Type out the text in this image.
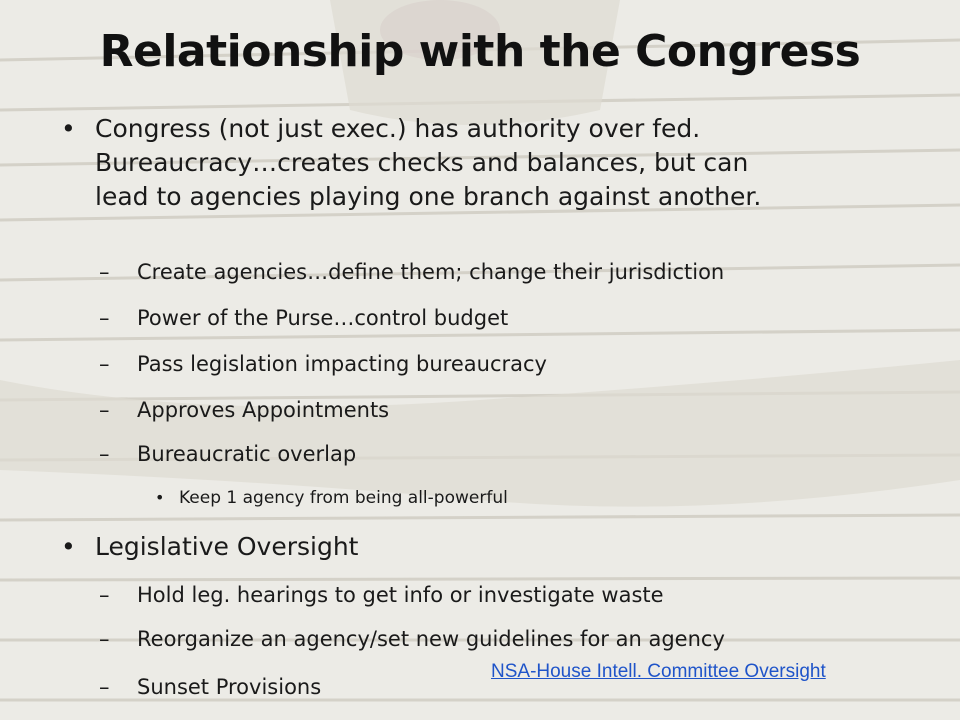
Relationship with the Congress
• Congress (not just exec.) has authority over fed.
Bureaucracy…creates checks and balances, but can
lead to agencies playing one branch against another.
– Create agencies…define them; change their jurisdiction
– Power of the Purse…control budget
– Pass legislation impacting bureaucracy
– Approves Appointments
– Bureaucratic overlap
• Keep 1 agency from being all-powerful
• Legislative Oversight
– Hold leg. hearings to get info or investigate waste
– Reorganize an agency/set new guidelines for an agency
– Sunset Provisions
NSA-House Intell. Committee Oversight
